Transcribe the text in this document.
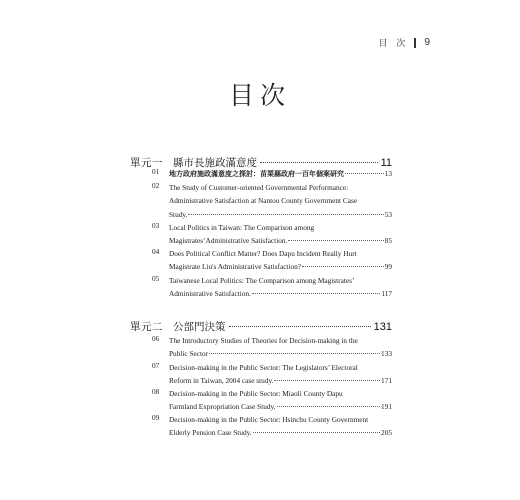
目 次 9
目次
單元一 縣市長施政滿意度	11
01	地方政府施政滿意度之探討：苗栗縣政府一百年個案研究	13
02	The Study of Customer-oriented Governmental Performance:
Administrative Satisfaction at Nantou County Government Case
Study.	53
03	Local Politics in Taiwan: The Comparison among
Magistrates’Administrative Satisfaction.	85
04	Does Political Conflict Matter? Does Dapu Incident Really Hurt
Magistrate Liu's Administrative Satisfaction?	99
05	Taiwanese Local Politics: The Comparison among Magistrates’
Administrative Satisfaction.	117
單元二 公部門決策	131
06	The Introductory Studies of Theories for Decision-making in the
Public Sector	133
07	Decision-making in the Public Sector: The Legislators’ Electoral
Reform in Taiwan, 2004 case study.	171
08	Decision-making in the Public Sector: Miaoli County Dapu
Farmland Expropriation Case Study.	191
09	Decision-making in the Public Sector: Hsinchu County Government
Elderly Pension Case Study.	205
